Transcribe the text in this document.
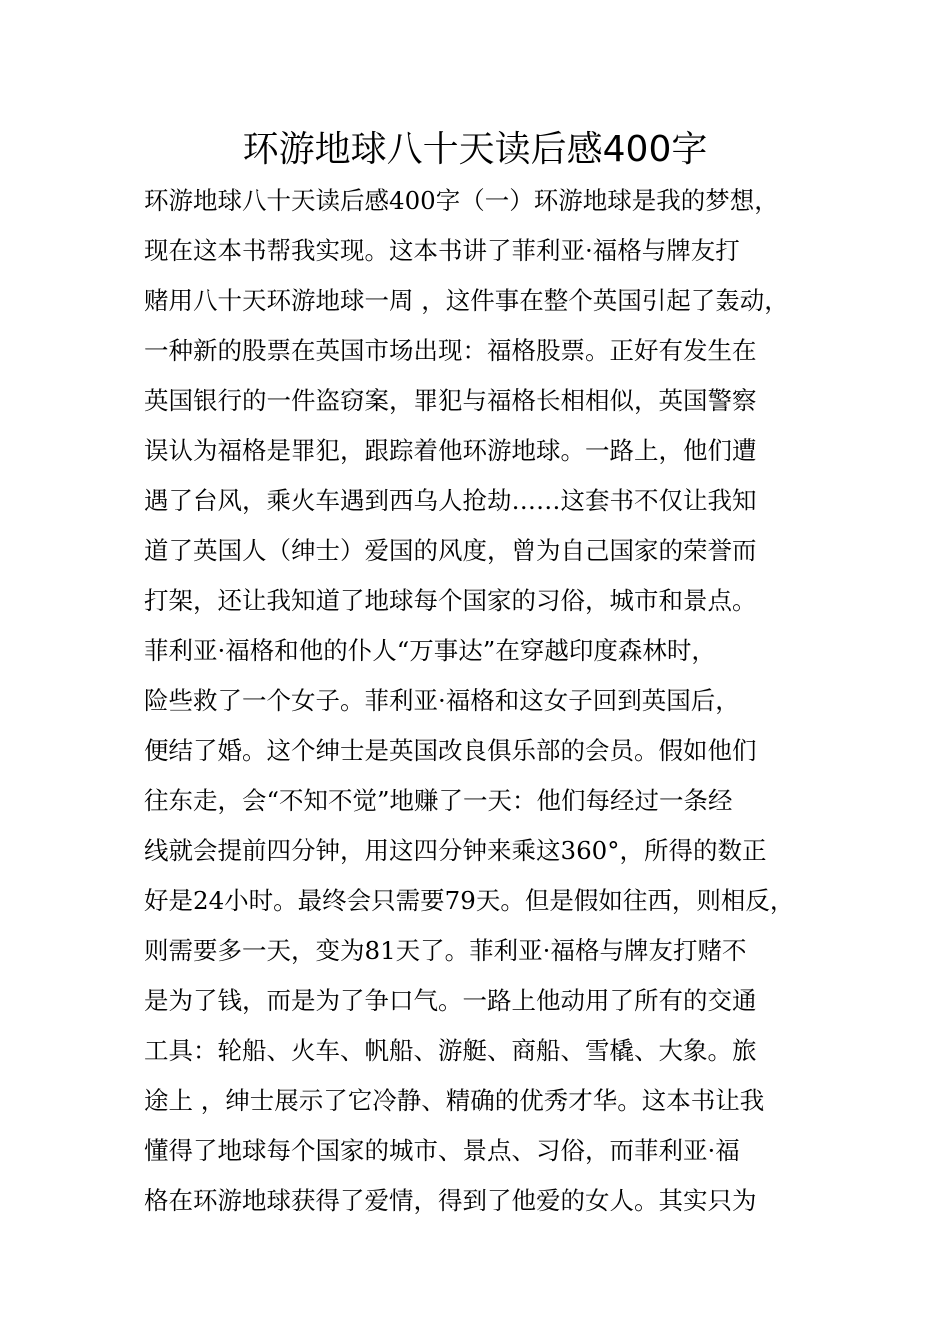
环游地球八十天读后感400字
环游地球八十天读后感400字（一）环游地球是我的梦想，
现在这本书帮我实现。这本书讲了菲利亚·福格与牌友打
赌用八十天环游地球一周 ，这件事在整个英国引起了轰动，
一种新的股票在英国市场出现：福格股票。正好有发生在
英国银行的一件盗窃案，罪犯与福格长相相似，英国警察
误认为福格是罪犯，跟踪着他环游地球。一路上，他们遭
遇了台风，乘火车遇到西乌人抢劫……这套书不仅让我知
道了英国人（绅士）爱国的风度，曾为自己国家的荣誉而
打架，还让我知道了地球每个国家的习俗，城市和景点。
菲利亚·福格和他的仆人“万事达”在穿越印度森林时，
险些救了一个女子。菲利亚·福格和这女子回到英国后，
便结了婚。这个绅士是英国改良俱乐部的会员。假如他们
往东走，会“不知不觉”地赚了一天：他们每经过一条经
线就会提前四分钟，用这四分钟来乘这360°，所得的数正
好是24小时。最终会只需要79天。但是假如往西，则相反，
则需要多一天，变为81天了。菲利亚·福格与牌友打赌不
是为了钱，而是为了争口气。一路上他动用了所有的交通
工具：轮船、火车、帆船、游艇、商船、雪橇、大象。旅
途上 ，绅士展示了它冷静、精确的优秀才华。这本书让我
懂得了地球每个国家的城市、景点、习俗，而菲利亚·福
格在环游地球获得了爱情，得到了他爱的女人。其实只为
